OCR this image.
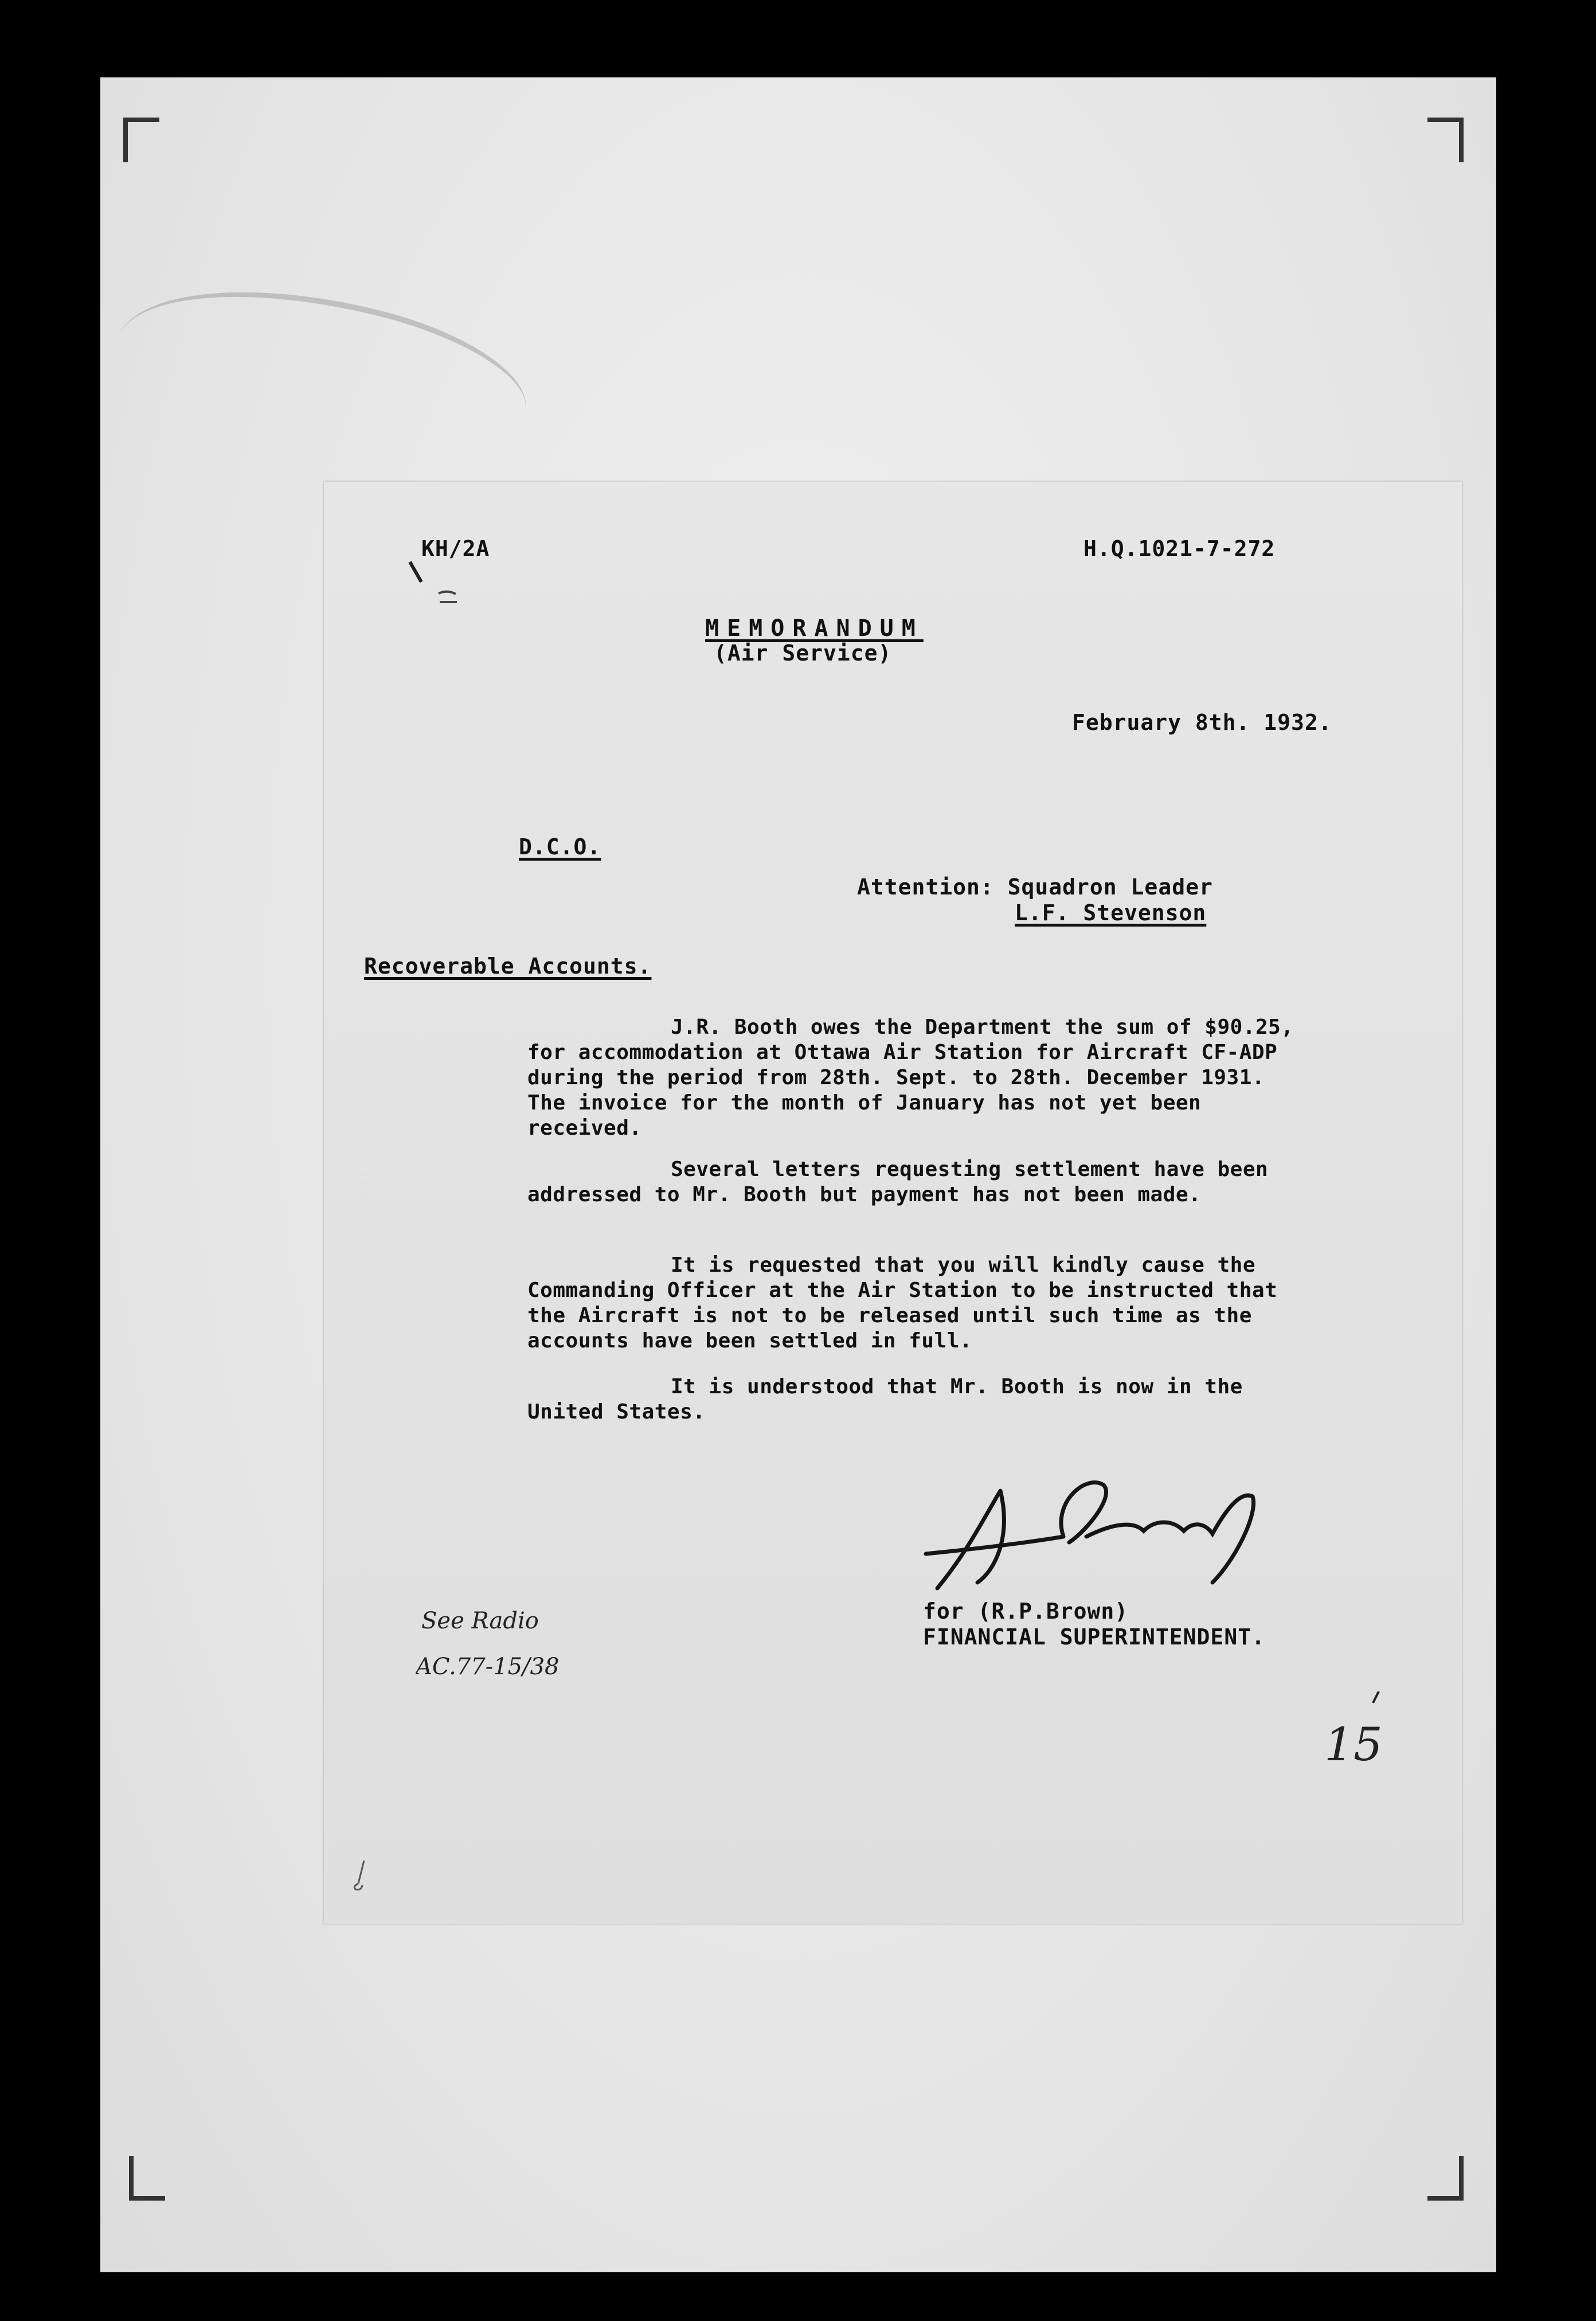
KH/2A	H.Q.1021-7-272
MEMORANDUM
(Air Service)
February 8th. 1932.
D.C.O.
Attention: Squadron Leader
L.F. Stevenson
Recoverable Accounts.

J.R. Booth owes the Department the sum of $90.25, for accommodation at Ottawa Air Station for Aircraft CF-ADP during the period from 28th. Sept. to 28th. December 1931. The invoice for the month of January has not yet been received.

Several letters requesting settlement have been addressed to Mr. Booth but payment has not been made.

It is requested that you will kindly cause the Commanding Officer at the Air Station to be instructed that the Aircraft is not to be released until such time as the accounts have been settled in full.

It is understood that Mr. Booth is now in the United States.

for (R.P.Brown)
FINANCIAL SUPERINTENDENT.
See Radio
AC.77-15/38
15
